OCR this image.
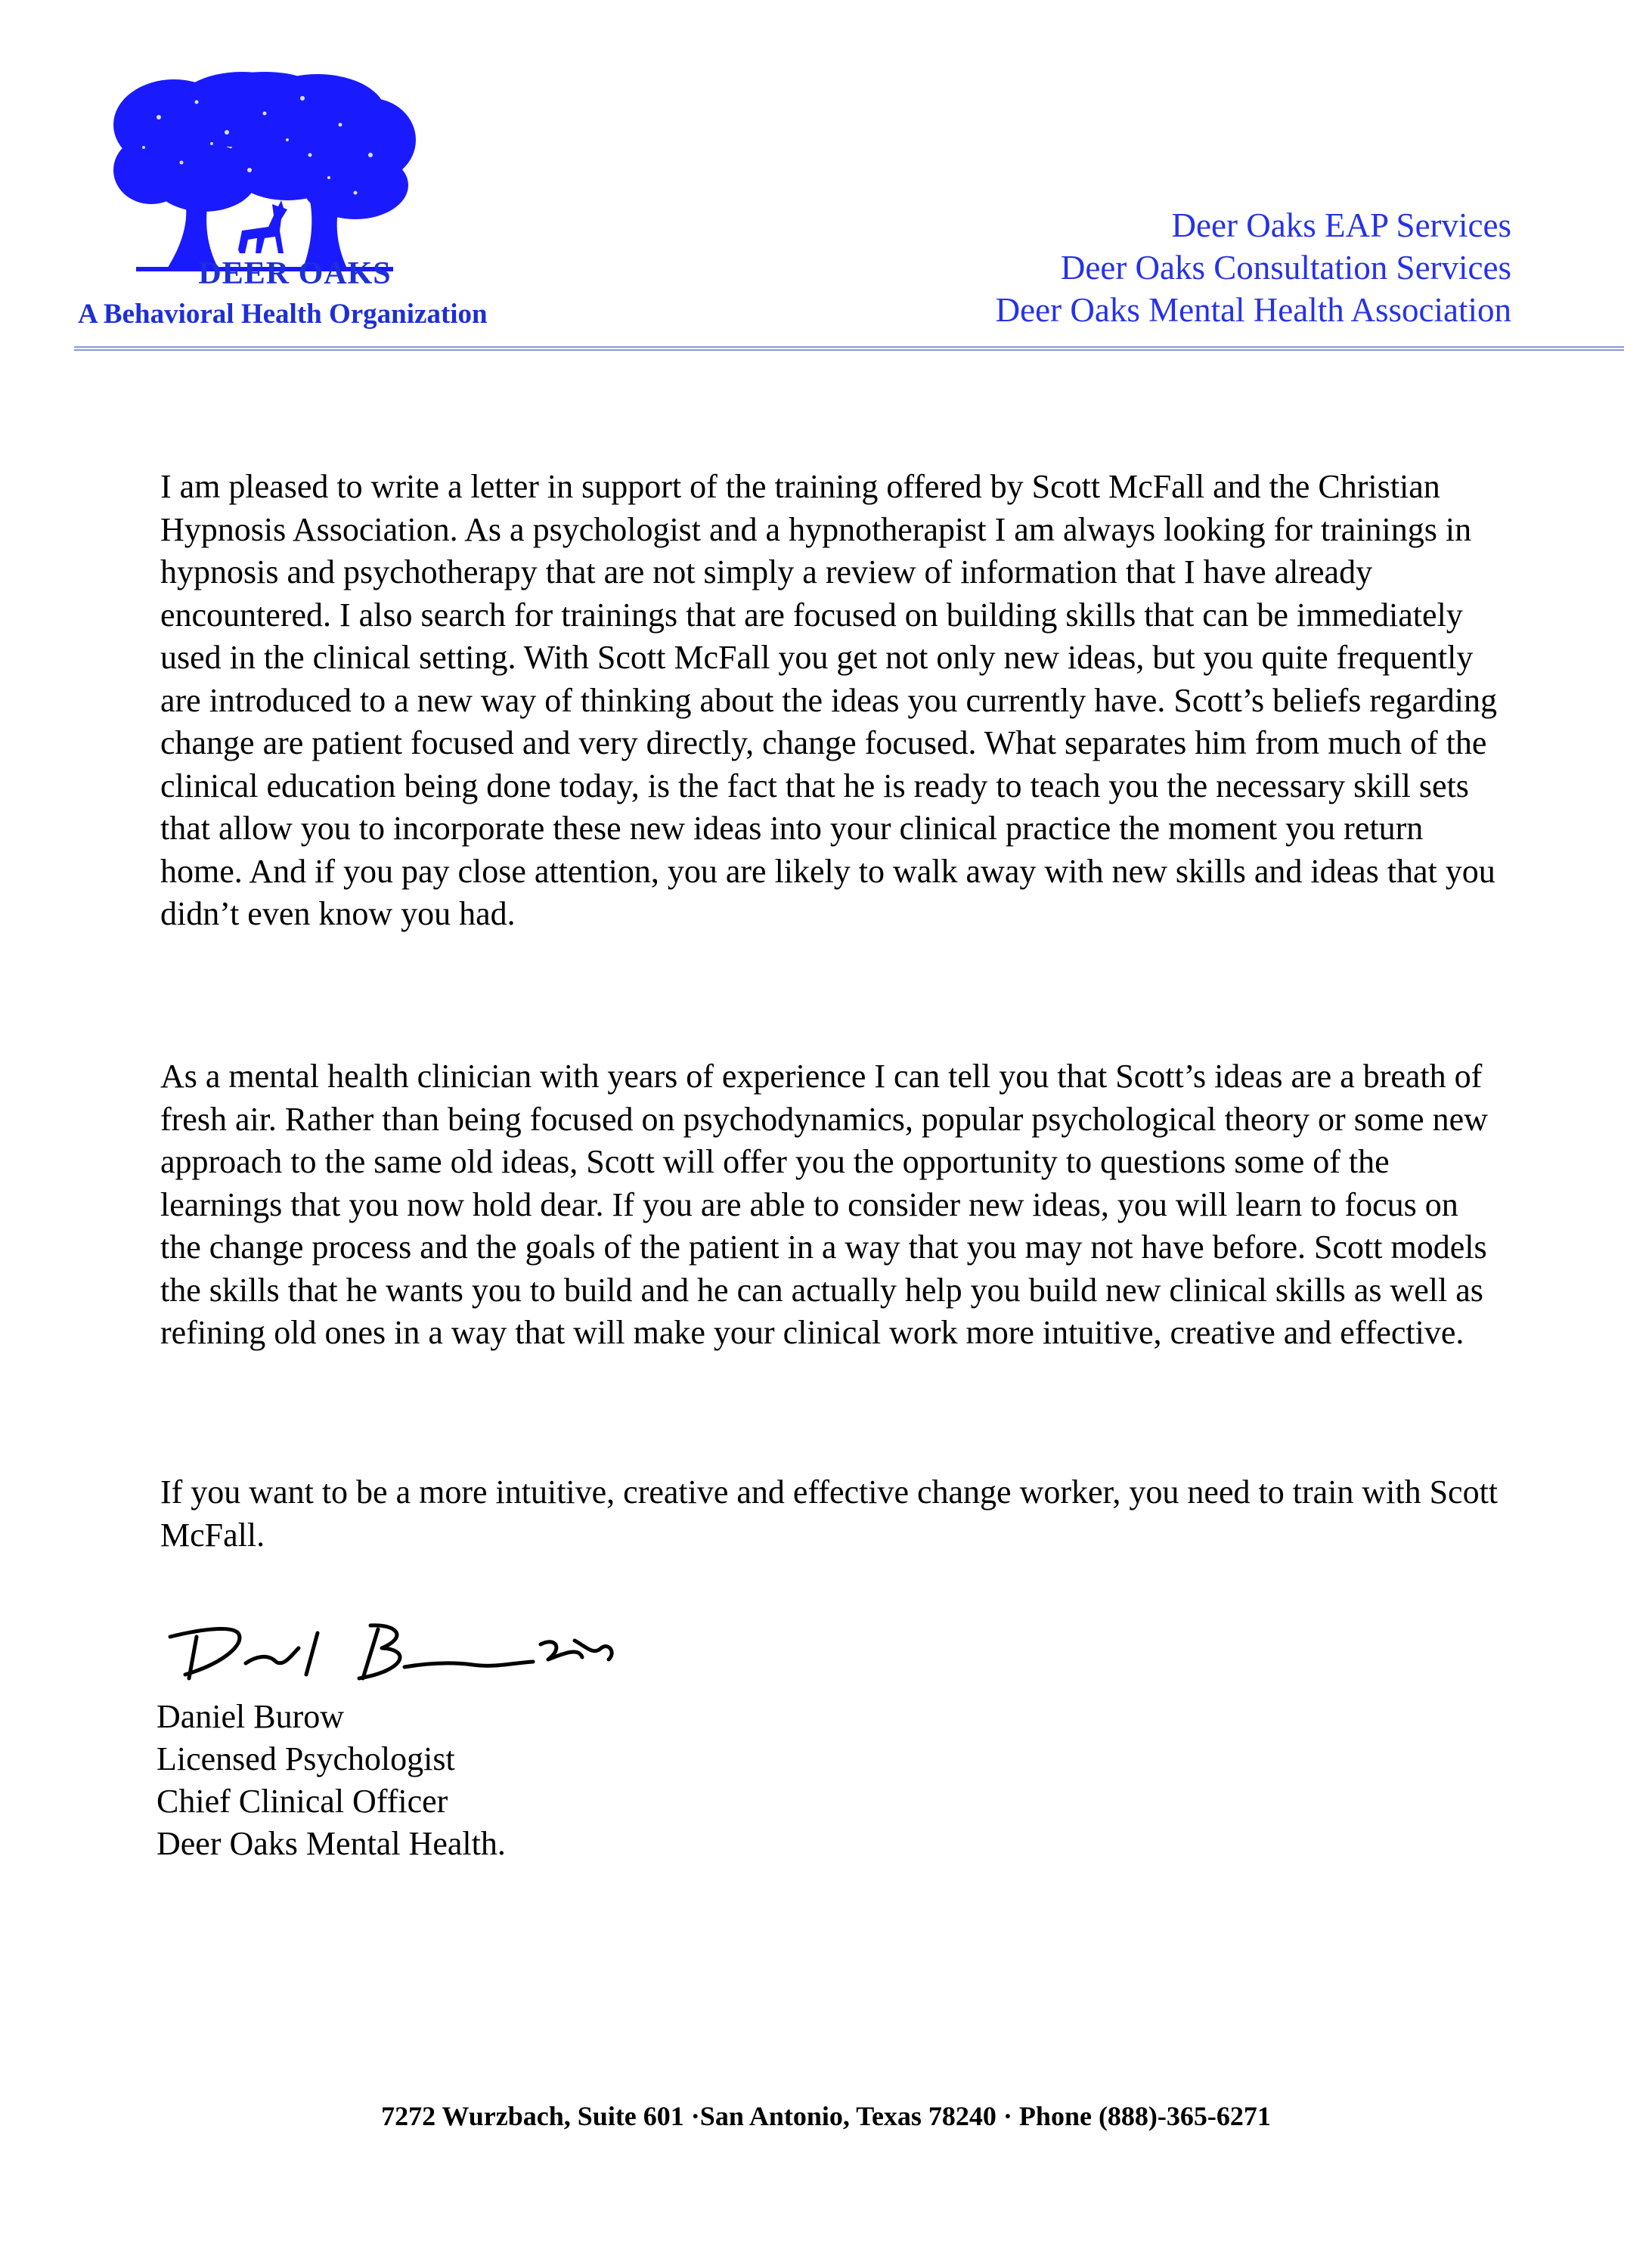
DEER OAKS
A Behavioral Health Organization
Deer Oaks EAP Services
Deer Oaks Consultation Services
Deer Oaks Mental Health Association

I am pleased to write a letter in support of the training offered by Scott McFall and the Christian Hypnosis Association. As a psychologist and a hypnotherapist I am always looking for trainings in hypnosis and psychotherapy that are not simply a review of information that I have already encountered. I also search for trainings that are focused on building skills that can be immediately used in the clinical setting. With Scott McFall you get not only new ideas, but you quite frequently are introduced to a new way of thinking about the ideas you currently have. Scott’s beliefs regarding change are patient focused and very directly, change focused. What separates him from much of the clinical education being done today, is the fact that he is ready to teach you the necessary skill sets that allow you to incorporate these new ideas into your clinical practice the moment you return home. And if you pay close attention, you are likely to walk away with new skills and ideas that you didn’t even know you had.

As a mental health clinician with years of experience I can tell you that Scott’s ideas are a breath of fresh air. Rather than being focused on psychodynamics, popular psychological theory or some new approach to the same old ideas, Scott will offer you the opportunity to questions some of the learnings that you now hold dear. If you are able to consider new ideas, you will learn to focus on the change process and the goals of the patient in a way that you may not have before. Scott models the skills that he wants you to build and he can actually help you build new clinical skills as well as refining old ones in a way that will make your clinical work more intuitive, creative and effective.

If you want to be a more intuitive, creative and effective change worker, you need to train with Scott McFall.

Daniel Burow
Licensed Psychologist
Chief Clinical Officer
Deer Oaks Mental Health.
7272 Wurzbach, Suite 601 ·San Antonio, Texas 78240 · Phone (888)-365-6271
